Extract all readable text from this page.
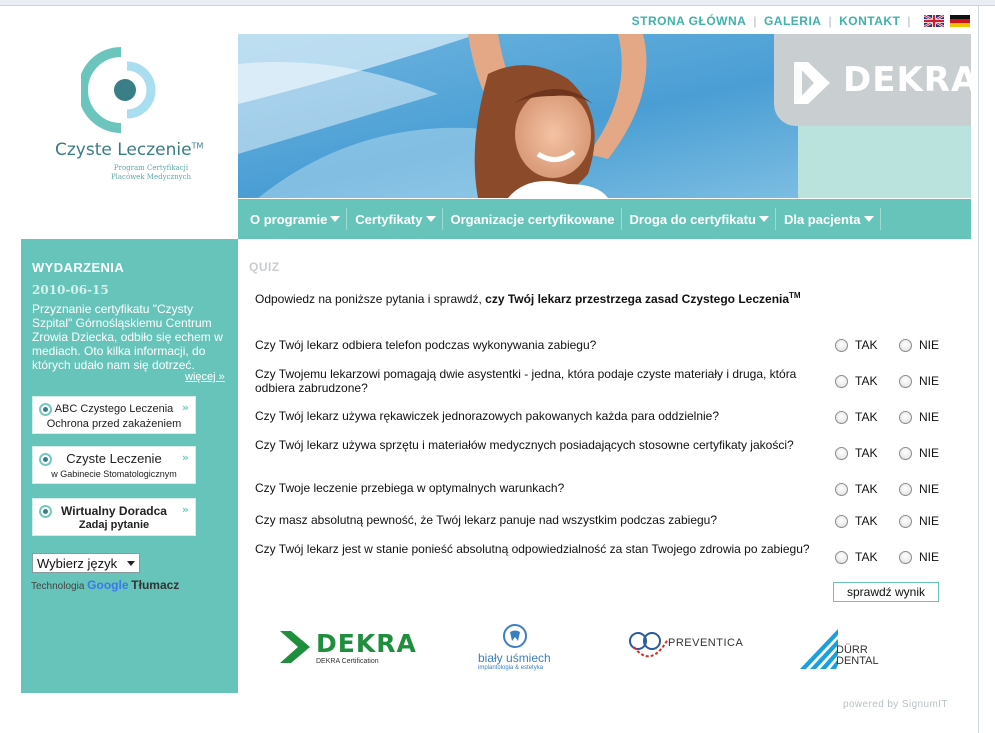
STRONA GŁÓWNA | GALERIA | KONTAKT |
Czyste Leczenie™
Program Certyfikacji
Placówek Medycznych
DEKRA
O programie Certyfikaty Organizacje certyfikowane Droga do certyfikatu Dla pacjenta
WYDARZENIA
2010-06-15
Przyznanie certyfikatu "Czysty Szpital" Górnośląskiemu Centrum Zrowia Dziecka, odbiło się echem w mediach. Oto kilka informacji, do których udało nam się dotrzeć.
więcej »
»
ABC Czystego Leczenia
Ochrona przed zakażeniem
»
Czyste Leczenie
w Gabinecie Stomatologicznym
»
Wirtualny Doradca
Zadaj pytanie
Wybierz język
Technologia Google Tłumacz
QUIZ
Odpowiedz na poniższe pytania i sprawdź, czy Twój lekarz przestrzega zasad Czystego Leczenia™
Czy Twój lekarz odbiera telefon podczas wykonywania zabiegu?	TAK	NIE
Czy Twojemu lekarzowi pomagają dwie asystentki - jedna, która podaje czyste materiały i druga, która odbiera zabrudzone?	TAK	NIE
Czy Twój lekarz używa rękawiczek jednorazowych pakowanych każda para oddzielnie?	TAK	NIE
Czy Twój lekarz używa sprzętu i materiałów medycznych posiadających stosowne certyfikaty jakości?
TAK	NIE
Czy Twoje leczenie przebiega w optymalnych warunkach?	TAK	NIE
Czy masz absolutną pewność, że Twój lekarz panuje nad wszystkim podczas zabiegu?	TAK	NIE
Czy Twój lekarz jest w stanie ponieść absolutną odpowiedzialność za stan Twojego zdrowia po zabiegu?
TAK	NIE
sprawdź wynik
DEKRA
DEKRA Certification	biały uśmiech
implantologia & estetyka
PREVENTICA
DÜRR
DENTAL
powered by SignumIT
